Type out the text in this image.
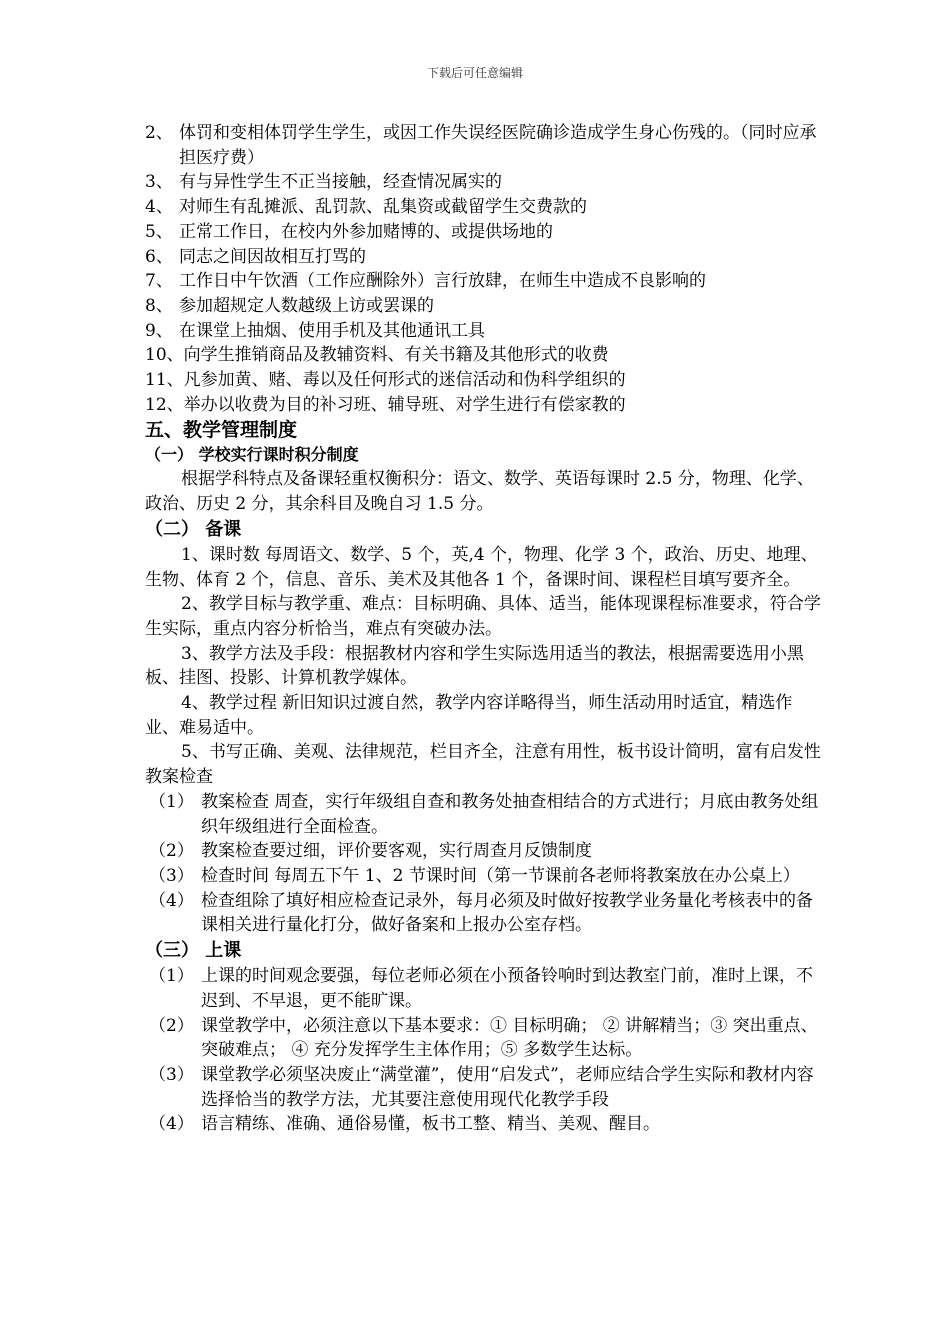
下载后可任意编辑
2、 体罚和变相体罚学生学生，或因工作失误经医院确诊造成学生身心伤残的。（同时应承担医疗费）
3、 有与异性学生不正当接触，经查情况属实的
4、 对师生有乱摊派、乱罚款、乱集资或截留学生交费款的
5、 正常工作日，在校内外参加赌博的、或提供场地的
6、 同志之间因故相互打骂的
7、 工作日中午饮酒（工作应酬除外）言行放肆，在师生中造成不良影响的
8、 参加超规定人数越级上访或罢课的
9、 在课堂上抽烟、使用手机及其他通讯工具
10、向学生推销商品及教辅资料、有关书籍及其他形式的收费
11、凡参加黄、赌、毒以及任何形式的迷信活动和伪科学组织的
12、举办以收费为目的补习班、辅导班、对学生进行有偿家教的
五、教学管理制度
（一） 学校实行课时积分制度
根据学科特点及备课轻重权衡积分：语文、数学、英语每课时 2.5 分，物理、化学、政治、历史 2 分，其余科目及晚自习 1.5 分。
（二） 备课
1、课时数 每周语文、数学、5 个，英,4 个，物理、化学 3 个，政治、历史、地理、生物、体育 2 个，信息、音乐、美术及其他各 1 个，备课时间、课程栏目填写要齐全。
2、教学目标与教学重、难点：目标明确、具体、适当，能体现课程标准要求，符合学生实际，重点内容分析恰当，难点有突破办法。
3、教学方法及手段：根据教材内容和学生实际选用适当的教法，根据需要选用小黑板、挂图、投影、计算机教学媒体。
4、教学过程 新旧知识过渡自然，教学内容详略得当，师生活动用时适宜，精选作业、难易适中。
5、书写正确、美观、法律规范，栏目齐全，注意有用性，板书设计简明，富有启发性
教案检查
（1） 教案检查 周查，实行年级组自查和教务处抽查相结合的方式进行；月底由教务处组织年级组进行全面检查。
（2） 教案检查要过细，评价要客观，实行周查月反馈制度
（3） 检查时间 每周五下午 1、2 节课时间（第一节课前各老师将教案放在办公桌上）
（4） 检查组除了填好相应检查记录外，每月必须及时做好按教学业务量化考核表中的备课相关进行量化打分，做好备案和上报办公室存档。
（三） 上课
（1） 上课的时间观念要强，每位老师必须在小预备铃响时到达教室门前，准时上课，不迟到、不早退，更不能旷课。
（2） 课堂教学中，必须注意以下基本要求：① 目标明确； ② 讲解精当；③ 突出重点、突破难点； ④ 充分发挥学生主体作用；⑤ 多数学生达标。
（3） 课堂教学必须坚决废止“满堂灌”，使用“启发式”，老师应结合学生实际和教材内容选择恰当的教学方法，尤其要注意使用现代化教学手段
（4） 语言精练、准确、通俗易懂，板书工整、精当、美观、醒目。
